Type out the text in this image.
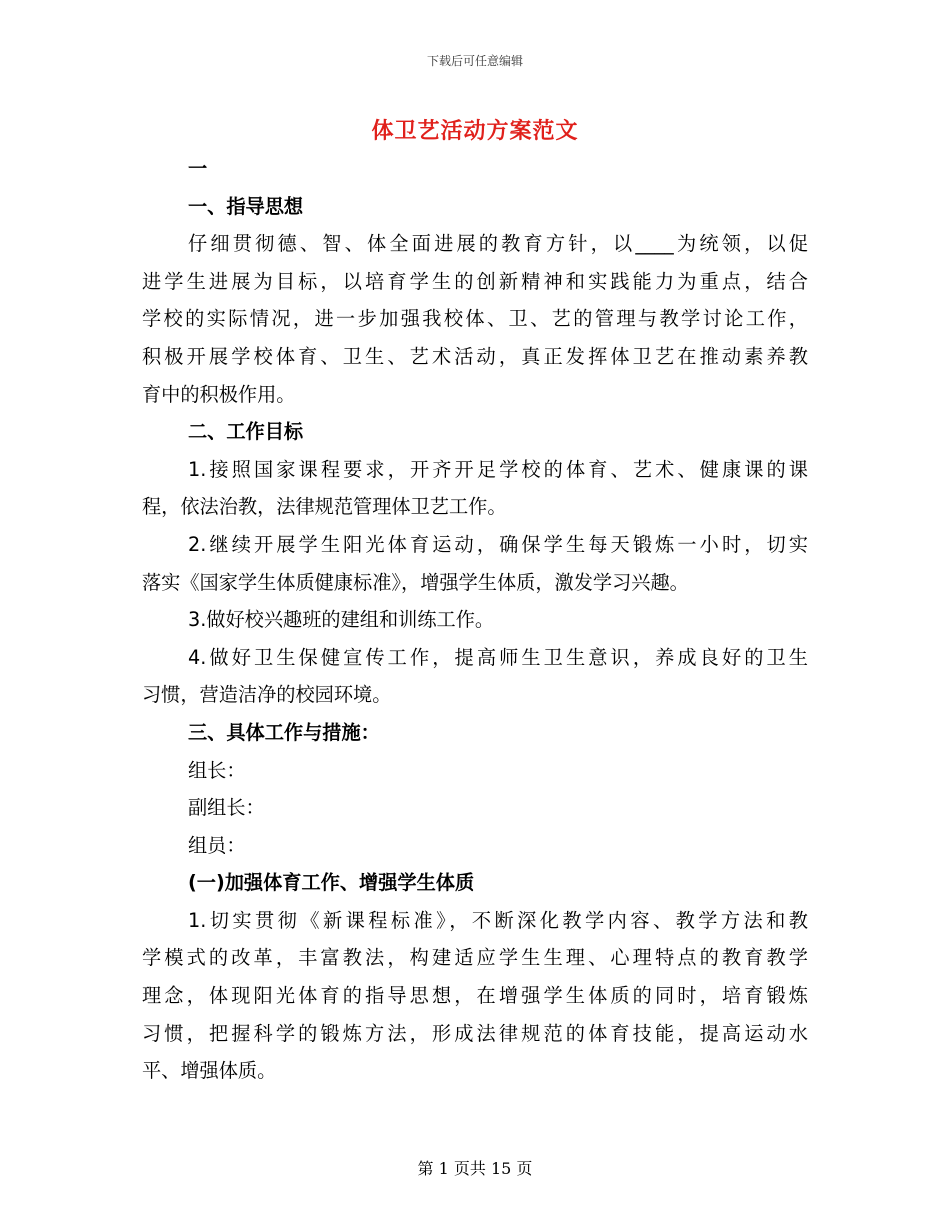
下载后可任意编辑
体卫艺活动方案范文
一
一、指导思想
仔细贯彻德、智、体全面进展的教育方针，以____为统领，以促
进学生进展为目标，以培育学生的创新精神和实践能力为重点，结合
学校的实际情况，进一步加强我校体、卫、艺的管理与教学讨论工作，
积极开展学校体育、卫生、艺术活动，真正发挥体卫艺在推动素养教
育中的积极作用。
二、工作目标
1.接照国家课程要求，开齐开足学校的体育、艺术、健康课的课
程，依法治教，法律规范管理体卫艺工作。
2.继续开展学生阳光体育运动，确保学生每天锻炼一小时，切实
落实《国家学生体质健康标准》，增强学生体质，激发学习兴趣。
3.做好校兴趣班的建组和训练工作。
4.做好卫生保健宣传工作，提高师生卫生意识，养成良好的卫生
习惯，营造洁净的校园环境。
三、具体工作与措施：
组长：
副组长：
组员：
(一)加强体育工作、增强学生体质
1.切实贯彻《新课程标准》，不断深化教学内容、教学方法和教
学模式的改革，丰富教法，构建适应学生生理、心理特点的教育教学
理念，体现阳光体育的指导思想，在增强学生体质的同时，培育锻炼
习惯，把握科学的锻炼方法，形成法律规范的体育技能，提高运动水
平、增强体质。
第 1 页共 15 页
